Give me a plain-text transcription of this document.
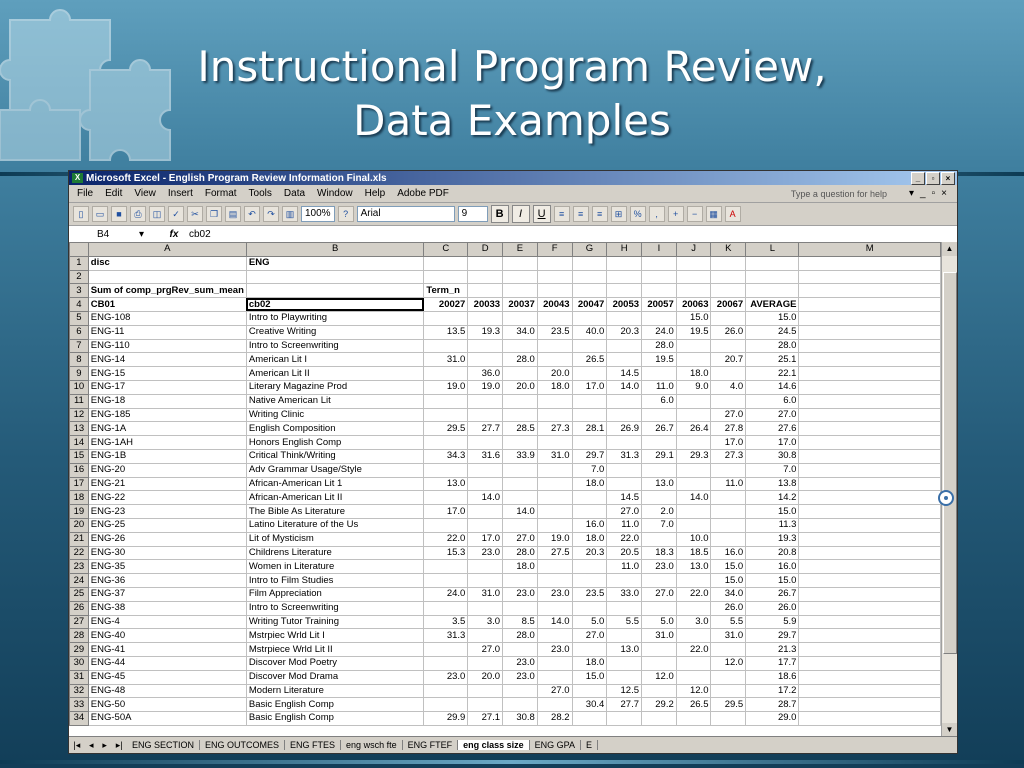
Instructional Program Review,
Data Examples
X Microsoft Excel - English Program Review Information Final.xls	_	▫	×
File	Edit	View	Insert	Format	Tools	Data	Window	Help	Adobe PDF	Type a question for help ▾_▫×
▯	▭	■	⎙	◫	✓	✂	❐	▤	↶	↷	▥	100%	?	Arial	9	B	I	U	≡	≡	≡	⊞	%	,	+	−	▦	A
B4	▾	fx	cb02
	A	B	C	D	E	F	G	H	I	J	K	L	M
1	disc	ENG											
2													
3	Sum of comp_prgRev_sum_mean		Term_n										
4	CB01	cb02	20027	20033	20037	20043	20047	20053	20057	20063	20067	AVERAGE	
5	ENG-108	Intro to Playwriting								15.0		15.0	
6	ENG-11	Creative Writing	13.5	19.3	34.0	23.5	40.0	20.3	24.0	19.5	26.0	24.5	
7	ENG-110	Intro to Screenwriting							28.0			28.0	
8	ENG-14	American Lit I	31.0		28.0		26.5		19.5		20.7	25.1	
9	ENG-15	American Lit II		36.0		20.0		14.5		18.0		22.1	
10	ENG-17	Literary Magazine Prod	19.0	19.0	20.0	18.0	17.0	14.0	11.0	9.0	4.0	14.6	
11	ENG-18	Native American Lit							6.0			6.0	
12	ENG-185	Writing Clinic									27.0	27.0	
13	ENG-1A	English Composition	29.5	27.7	28.5	27.3	28.1	26.9	26.7	26.4	27.8	27.6	
14	ENG-1AH	Honors English Comp									17.0	17.0	
15	ENG-1B	Critical Think/Writing	34.3	31.6	33.9	31.0	29.7	31.3	29.1	29.3	27.3	30.8	
16	ENG-20	Adv Grammar Usage/Style					7.0					7.0	
17	ENG-21	African-American Lit 1	13.0				18.0		13.0		11.0	13.8	
18	ENG-22	African-American Lit II		14.0				14.5		14.0		14.2	
19	ENG-23	The Bible As Literature	17.0		14.0			27.0	2.0			15.0	
20	ENG-25	Latino Literature of the Us					16.0	11.0	7.0			11.3	
21	ENG-26	Lit of Mysticism	22.0	17.0	27.0	19.0	18.0	22.0		10.0		19.3	
22	ENG-30	Childrens Literature	15.3	23.0	28.0	27.5	20.3	20.5	18.3	18.5	16.0	20.8	
23	ENG-35	Women in Literature			18.0			11.0	23.0	13.0	15.0	16.0	
24	ENG-36	Intro to Film Studies									15.0	15.0	
25	ENG-37	Film Appreciation	24.0	31.0	23.0	23.0	23.5	33.0	27.0	22.0	34.0	26.7	
26	ENG-38	Intro to Screenwriting									26.0	26.0	
27	ENG-4	Writing Tutor Training	3.5	3.0	8.5	14.0	5.0	5.5	5.0	3.0	5.5	5.9	
28	ENG-40	Mstrpiec Wrld Lit I	31.3		28.0		27.0		31.0		31.0	29.7	
29	ENG-41	Mstrpiece Wrld Lit II		27.0		23.0		13.0		22.0		21.3	
30	ENG-44	Discover Mod Poetry			23.0		18.0				12.0	17.7	
31	ENG-45	Discover Mod Drama	23.0	20.0	23.0		15.0		12.0			18.6	
32	ENG-48	Modern Literature				27.0		12.5		12.0		17.2	
33	ENG-50	Basic English Comp					30.4	27.7	29.2	26.5	29.5	28.7	
34	ENG-50A	Basic English Comp	29.9	27.1	30.8	28.2						29.0	
▲
▼
|◂ ◂ ▸ ▸|	ENG SECTION	ENG OUTCOMES	ENG FTES	eng wsch fte	ENG FTEF	eng class size	ENG GPA	E
